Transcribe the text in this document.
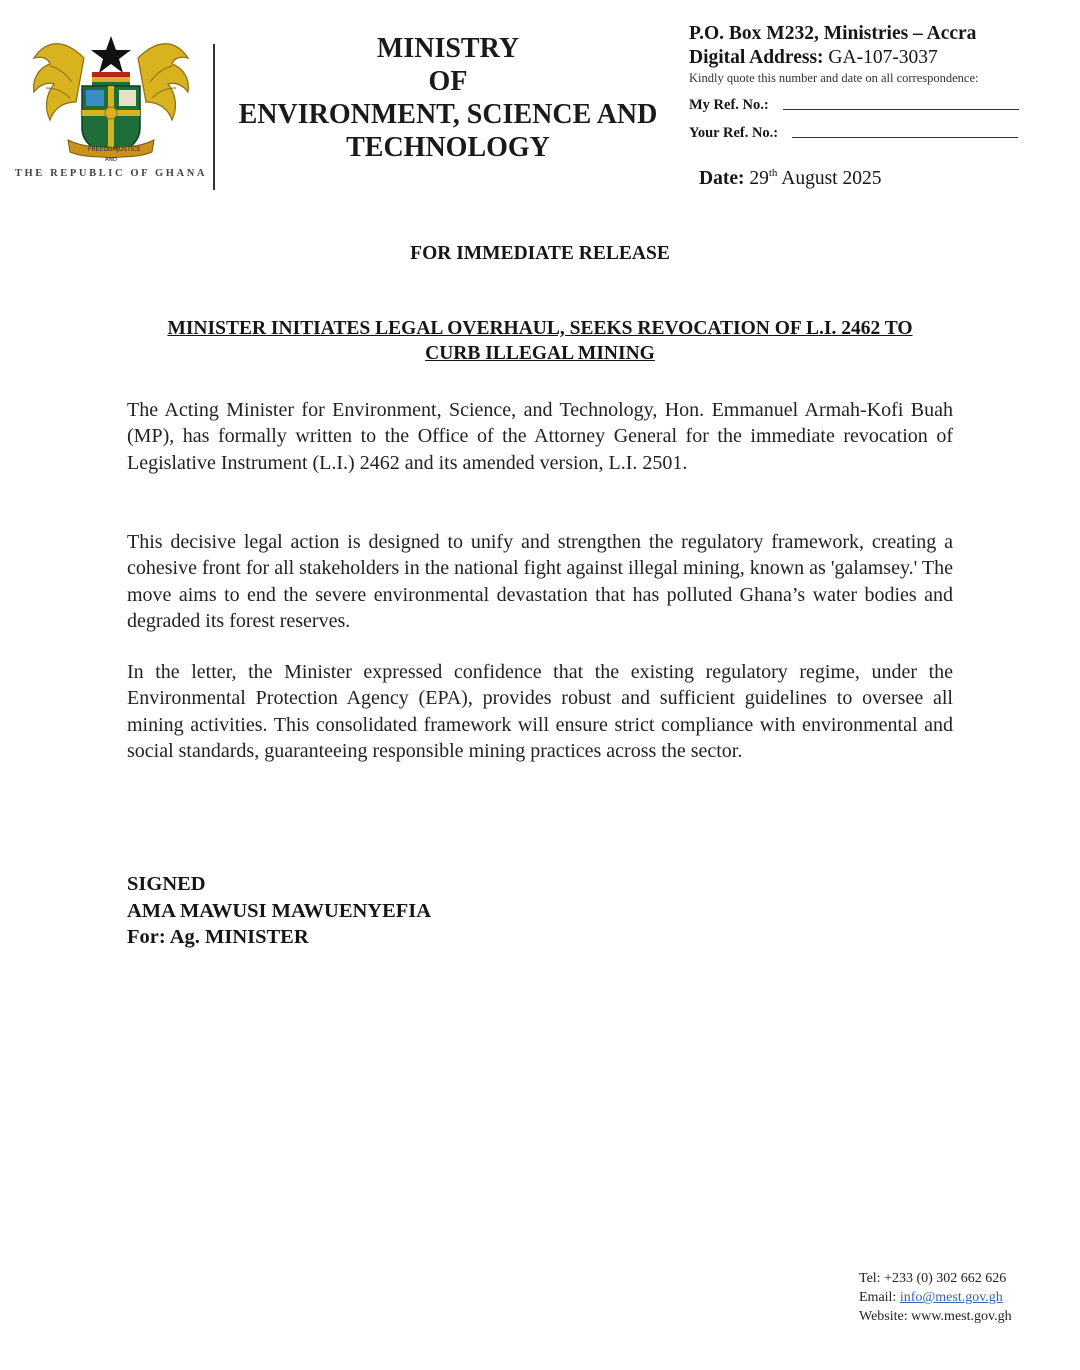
FREEDOM
AND
JUSTICE
THE REPUBLIC OF GHANA
MINISTRY
OF
ENVIRONMENT, SCIENCE AND
TECHNOLOGY
P.O. Box M232, Ministries – Accra
Digital Address: GA-107-3037
Kindly quote this number and date on all correspondence:
My Ref. No.:
Your Ref. No.:
Date: 29th August 2025
FOR IMMEDIATE RELEASE
MINISTER INITIATES LEGAL OVERHAUL, SEEKS REVOCATION OF L.I. 2462 TO
CURB ILLEGAL MINING

The Acting Minister for Environment, Science, and Technology, Hon. Emmanuel Armah-Kofi Buah (MP), has formally written to the Office of the Attorney General for the immediate revocation of Legislative Instrument (L.I.) 2462 and its amended version, L.I. 2501.

This decisive legal action is designed to unify and strengthen the regulatory framework, creating a cohesive front for all stakeholders in the national fight against illegal mining, known as 'galamsey.' The move aims to end the severe environmental devastation that has polluted Ghana’s water bodies and degraded its forest reserves.

In the letter, the Minister expressed confidence that the existing regulatory regime, under the Environmental Protection Agency (EPA), provides robust and sufficient guidelines to oversee all mining activities. This consolidated framework will ensure strict compliance with environmental and social standards, guaranteeing responsible mining practices across the sector.

SIGNED
AMA MAWUSI MAWUENYEFIA
For: Ag. MINISTER
Tel: +233 (0) 302 662 626
Email: info@mest.gov.gh
Website: www.mest.gov.gh
